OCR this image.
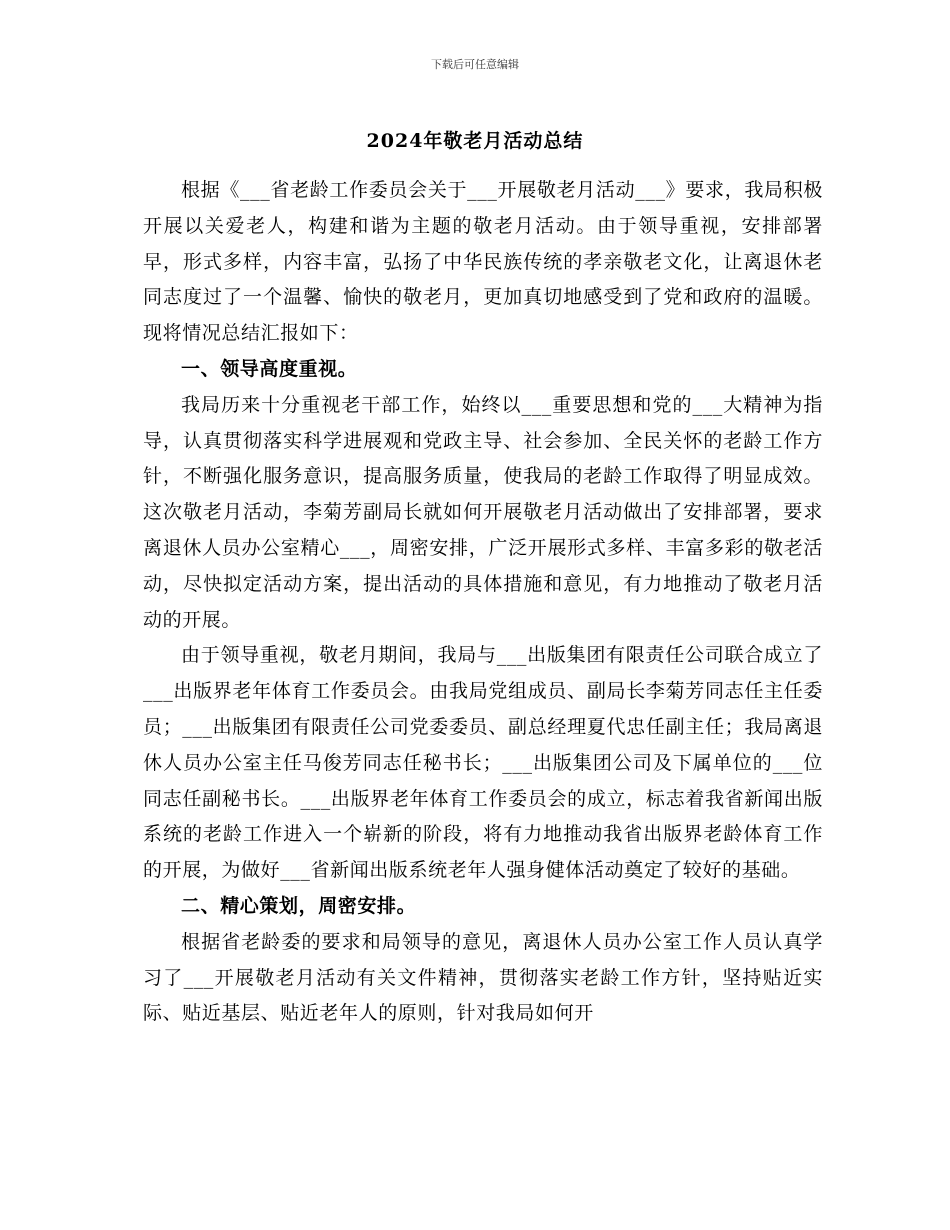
下载后可任意编辑
2024年敬老月活动总结

根据《___省老龄工作委员会关于___开展敬老月活动___》要求，我局积极开展以关爱老人，构建和谐为主题的敬老月活动。由于领导重视，安排部署早，形式多样，内容丰富，弘扬了中华民族传统的孝亲敬老文化，让离退休老同志度过了一个温馨、愉快的敬老月，更加真切地感受到了党和政府的温暖。现将情况总结汇报如下：

一、领导高度重视。

我局历来十分重视老干部工作，始终以___重要思想和党的___大精神为指导，认真贯彻落实科学进展观和党政主导、社会参加、全民关怀的老龄工作方针，不断强化服务意识，提高服务质量，使我局的老龄工作取得了明显成效。这次敬老月活动，李菊芳副局长就如何开展敬老月活动做出了安排部署，要求离退休人员办公室精心___，周密安排，广泛开展形式多样、丰富多彩的敬老活动，尽快拟定活动方案，提出活动的具体措施和意见，有力地推动了敬老月活动的开展。

由于领导重视，敬老月期间，我局与___出版集团有限责任公司联合成立了___出版界老年体育工作委员会。由我局党组成员、副局长李菊芳同志任主任委员；___出版集团有限责任公司党委委员、副总经理夏代忠任副主任；我局离退休人员办公室主任马俊芳同志任秘书长；___出版集团公司及下属单位的___位同志任副秘书长。___出版界老年体育工作委员会的成立，标志着我省新闻出版系统的老龄工作进入一个崭新的阶段，将有力地推动我省出版界老龄体育工作的开展，为做好___省新闻出版系统老年人强身健体活动奠定了较好的基础。

二、精心策划，周密安排。

根据省老龄委的要求和局领导的意见，离退休人员办公室工作人员认真学习了___开展敬老月活动有关文件精神，贯彻落实老龄工作方针，坚持贴近实际、贴近基层、贴近老年人的原则，针对我局如何开
